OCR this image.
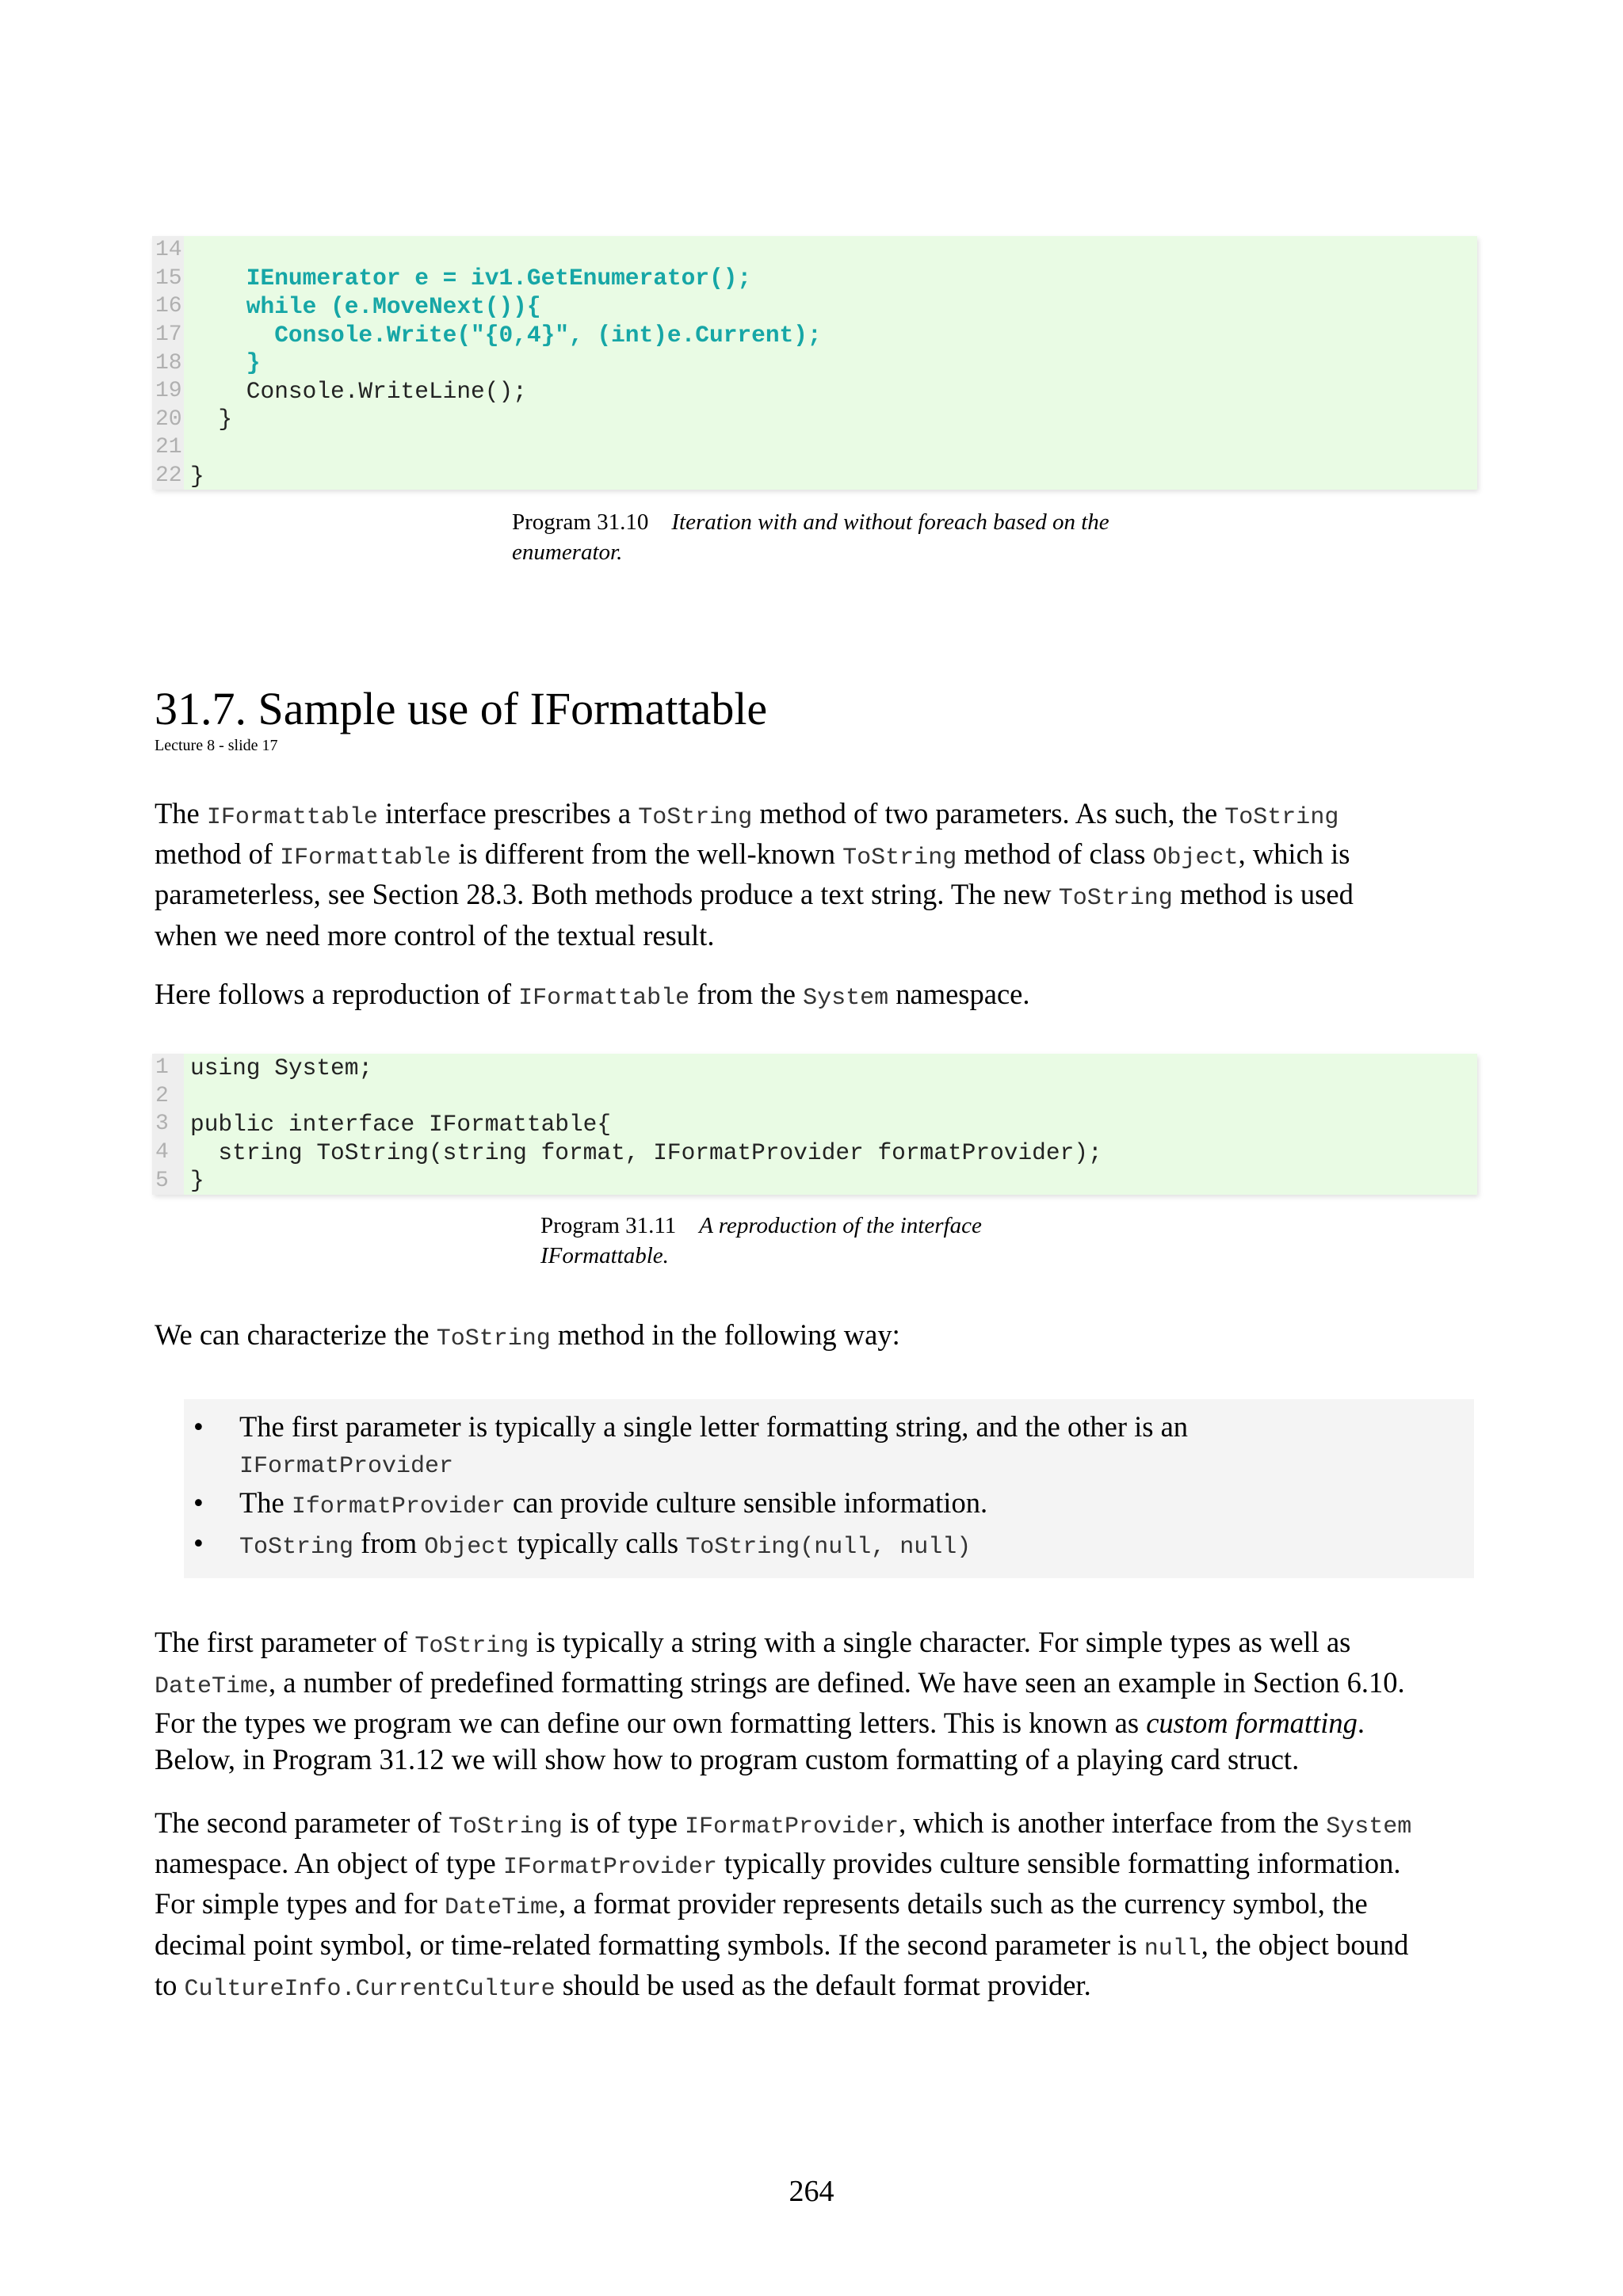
14
15 IEnumerator e = iv1.GetEnumerator();
16 while (e.MoveNext()){
17 Console.Write("{0,4}", (int)e.Current);
18 }
19 Console.WriteLine();
20 }
21
22 }
Program 31.10 Iteration with and without foreach based on the
enumerator.
31.7. Sample use of IFormattable
Lecture 8 - slide 17
The IFormattable interface prescribes a ToString method of two parameters. As such, the ToString
method of IFormattable is different from the well-known ToString method of class Object, which is
parameterless, see Section 28.3. Both methods produce a text string. The new ToString method is used
when we need more control of the textual result.
Here follows a reproduction of IFormattable from the System namespace.
1 using System;
2
3 public interface IFormattable{
4 string ToString(string format, IFormatProvider formatProvider);
5 }
Program 31.11 A reproduction of the interface
IFormattable.
We can characterize the ToString method in the following way:
• The first parameter is typically a single letter formatting string, and the other is an
IFormatProvider
• The IformatProvider can provide culture sensible information.
• ToString from Object typically calls ToString(null, null)
The first parameter of ToString is typically a string with a single character. For simple types as well as
DateTime, a number of predefined formatting strings are defined. We have seen an example in Section 6.10.
For the types we program we can define our own formatting letters. This is known as custom formatting.
Below, in Program 31.12 we will show how to program custom formatting of a playing card struct.
The second parameter of ToString is of type IFormatProvider, which is another interface from the System
namespace. An object of type IFormatProvider typically provides culture sensible formatting information.
For simple types and for DateTime, a format provider represents details such as the currency symbol, the
decimal point symbol, or time-related formatting symbols. If the second parameter is null, the object bound
to CultureInfo.CurrentCulture should be used as the default format provider.
264
